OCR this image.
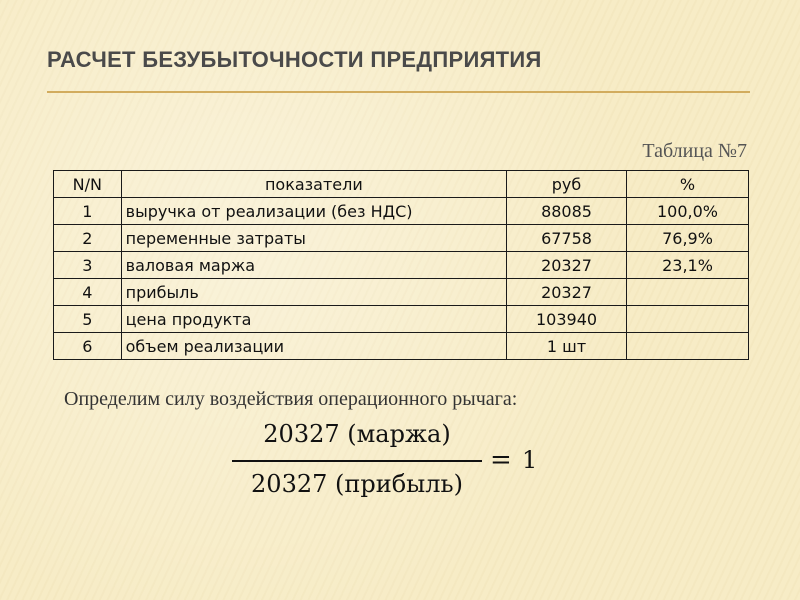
РАСЧЕТ БЕЗУБЫТОЧНОСТИ ПРЕДПРИЯТИЯ
Таблица №7
N/N	показатели	руб	%
1	выручка от реализации (без НДС)	88085	100,0%
2	переменные затраты	67758	76,9%
3	валовая маржа	20327	23,1%
4	прибыль	20327	
5	цена продукта	103940	
6	объем реализации	1 шт	
Определим силу воздействия операционного рычага:
20327 (маржа)
20327 (прибыль)
= 1
